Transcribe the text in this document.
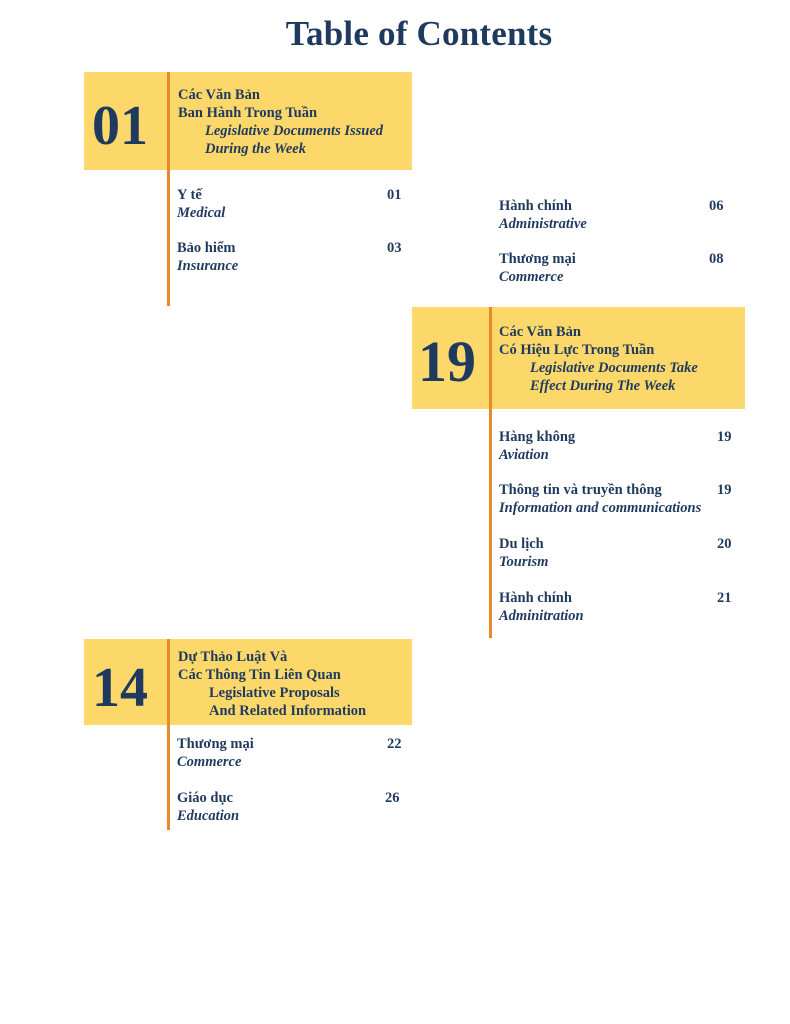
Table of Contents
01 Các Văn Bản
Ban Hành Trong Tuần
Legislative Documents Issued
During the Week
Y tế
Medical
01
Bảo hiểm
Insurance
03
Hành chính
Administrative
06
Thương mại
Commerce
08
19 Các Văn Bản
Có Hiệu Lực Trong Tuần
Legislative Documents Take
Effect During The Week
Hàng không
Aviation
19
Thông tin và truyền thông
Information and communications
19
Du lịch
Tourism
20
Hành chính
Adminitration
21
14 Dự Thảo Luật Và
Các Thông Tin Liên Quan
Legislative Proposals
And Related Information
Thương mại
Commerce
22
Giáo dục
Education
26
